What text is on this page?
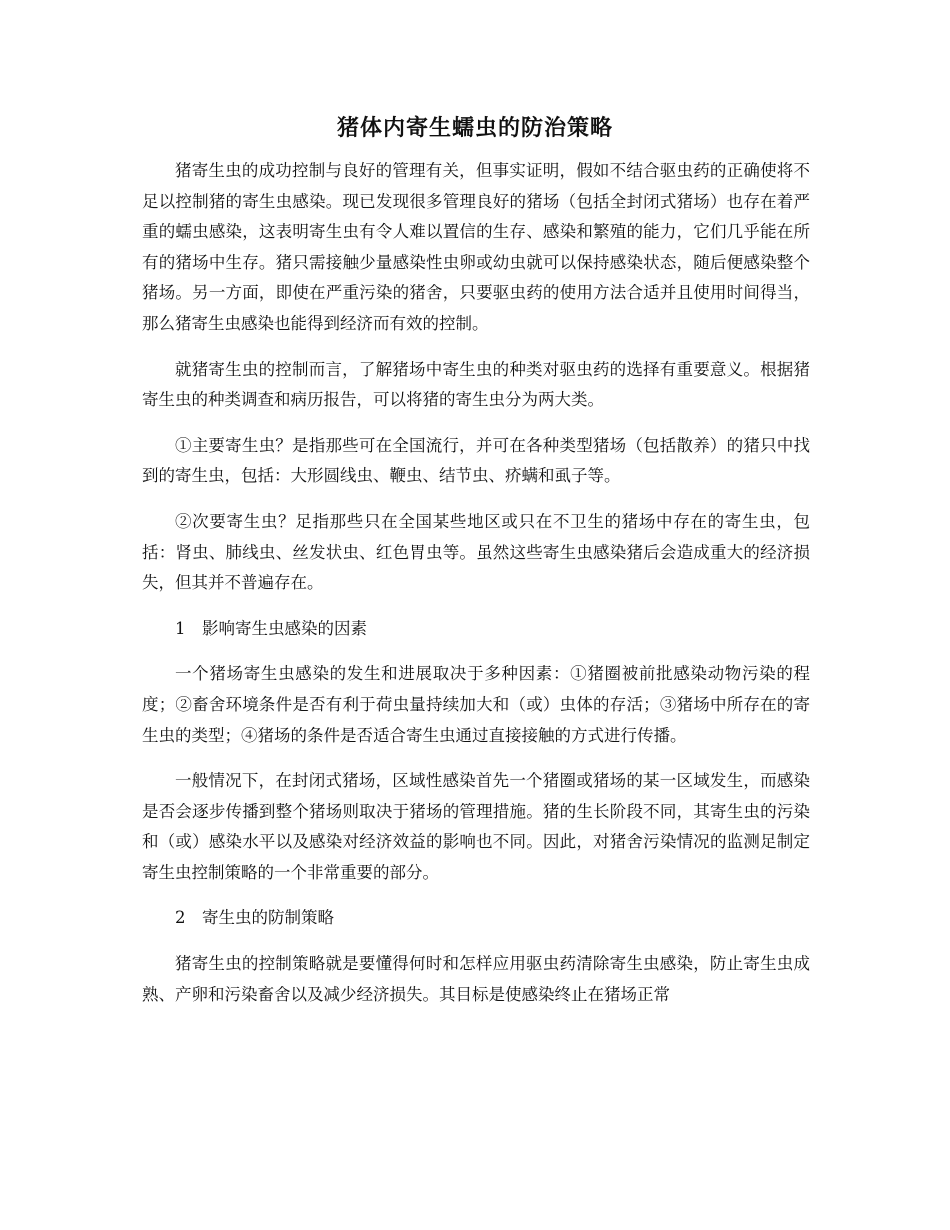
猪体内寄生蠕虫的防治策略

猪寄生虫的成功控制与良好的管理有关，但事实证明，假如不结合驱虫药的正确使将不足以控制猪的寄生虫感染。现已发现很多管理良好的猪场（包括全封闭式猪场）也存在着严重的蠕虫感染，这表明寄生虫有令人难以置信的生存、感染和繁殖的能力，它们几乎能在所有的猪场中生存。猪只需接触少量感染性虫卵或幼虫就可以保持感染状态，随后便感染整个猪场。另一方面，即使在严重污染的猪舍，只要驱虫药的使用方法合适并且使用时间得当，那么猪寄生虫感染也能得到经济而有效的控制。

就猪寄生虫的控制而言，了解猪场中寄生虫的种类对驱虫药的选择有重要意义。根据猪寄生虫的种类调查和病历报告，可以将猪的寄生虫分为两大类。

①主要寄生虫？是指那些可在全国流行，并可在各种类型猪场（包括散养）的猪只中找到的寄生虫，包括：大形圆线虫、鞭虫、结节虫、疥螨和虱子等。

②次要寄生虫？足指那些只在全国某些地区或只在不卫生的猪场中存在的寄生虫，包括：肾虫、肺线虫、丝发状虫、红色胃虫等。虽然这些寄生虫感染猪后会造成重大的经济损失，但其并不普遍存在。

1 影响寄生虫感染的因素

一个猪场寄生虫感染的发生和进展取决于多种因素：①猪圈被前批感染动物污染的程度；②畜舍环境条件是否有利于荷虫量持续加大和（或）虫体的存活；③猪场中所存在的寄生虫的类型；④猪场的条件是否适合寄生虫通过直接接触的方式进行传播。

一般情况下，在封闭式猪场，区域性感染首先一个猪圈或猪场的某一区域发生，而感染是否会逐步传播到整个猪场则取决于猪场的管理措施。猪的生长阶段不同，其寄生虫的污染和（或）感染水平以及感染对经济效益的影响也不同。因此，对猪舍污染情况的监测足制定寄生虫控制策略的一个非常重要的部分。

2 寄生虫的防制策略

猪寄生虫的控制策略就是要懂得何时和怎样应用驱虫药清除寄生虫感染，防止寄生虫成熟、产卵和污染畜舍以及减少经济损失。其目标是使感染终止在猪场正常
